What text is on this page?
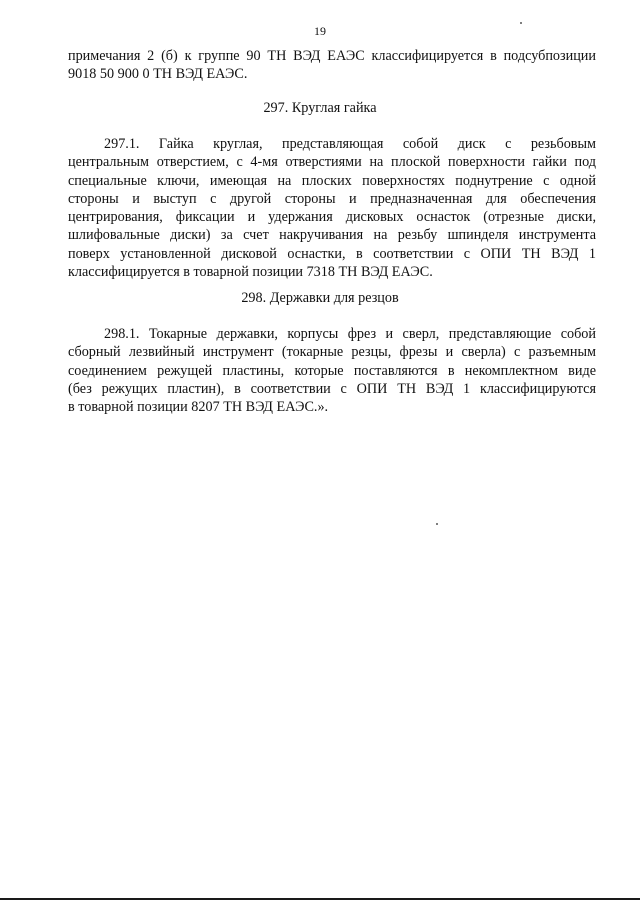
19
примечания 2 (б) к группе 90 ТН ВЭД ЕАЭС классифицируется в подсубпозиции
9018 50 900 0 ТН ВЭД ЕАЭС.
297. Круглая гайка
297.1. Гайка круглая, представляющая собой диск с резьбовым
центральным отверстием, с 4-мя отверстиями на плоской поверхности гайки под
специальные ключи, имеющая на плоских поверхностях поднутрение с одной
стороны и выступ с другой стороны и предназначенная для обеспечения
центрирования, фиксации и удержания дисковых оснасток (отрезные диски,
шлифовальные диски) за счет накручивания на резьбу шпинделя инструмента
поверх установленной дисковой оснастки, в соответствии с ОПИ ТН ВЭД 1
классифицируется в товарной позиции 7318 ТН ВЭД ЕАЭС.
298. Державки для резцов
298.1. Токарные державки, корпусы фрез и сверл, представляющие собой
сборный лезвийный инструмент (токарные резцы, фрезы и сверла) с разъемным
соединением режущей пластины, которые поставляются в некомплектном виде
(без режущих пластин), в соответствии с ОПИ ТН ВЭД 1 классифицируются
в товарной позиции 8207 ТН ВЭД ЕАЭС.».
